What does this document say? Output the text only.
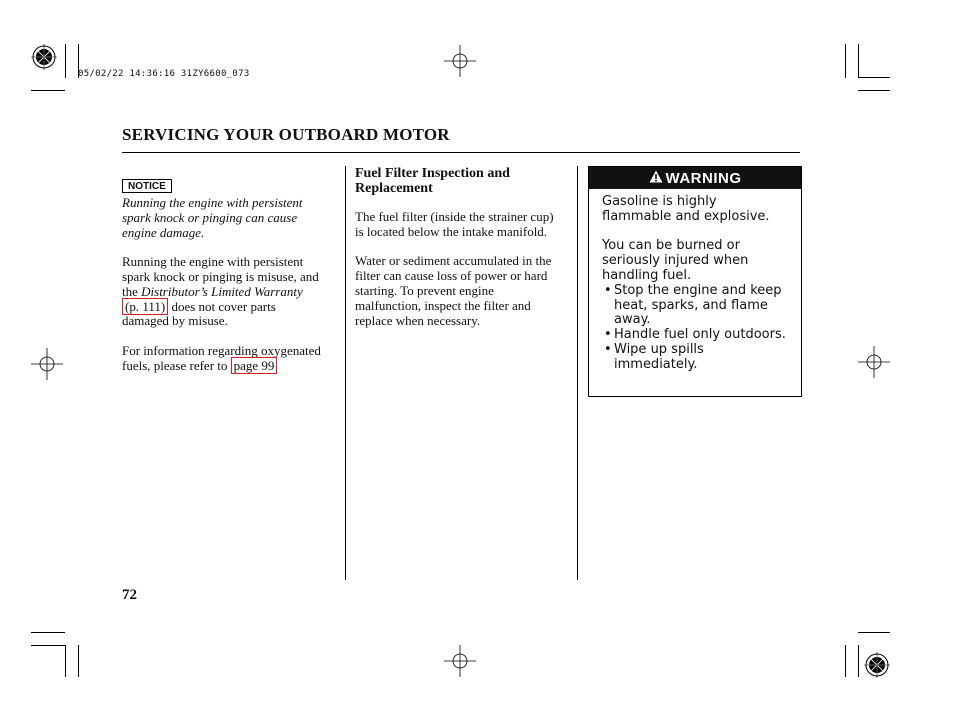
05/02/22 14:36:16 31ZY6600_073
SERVICING YOUR OUTBOARD MOTOR
NOTICE

Running the engine with persistent spark knock or pinging can cause engine damage.

Running the engine with persistent spark knock or pinging is misuse, and the Distributor’s Limited Warranty (p. 111) does not cover parts damaged by misuse.

For information regarding oxygenated fuels, please refer to page 99

Fuel Filter Inspection and Replacement

The fuel filter (inside the strainer cup) is located below the intake manifold.

Water or sediment accumulated in the filter can cause loss of power or hard starting. To prevent engine malfunction, inspect the filter and replace when necessary.

WARNING

Gasoline is highly flammable and explosive.

You can be burned or seriously injured when handling fuel.

• Stop the engine and keep heat, sparks, and flame away.
• Handle fuel only outdoors.
• Wipe up spills immediately.
72
